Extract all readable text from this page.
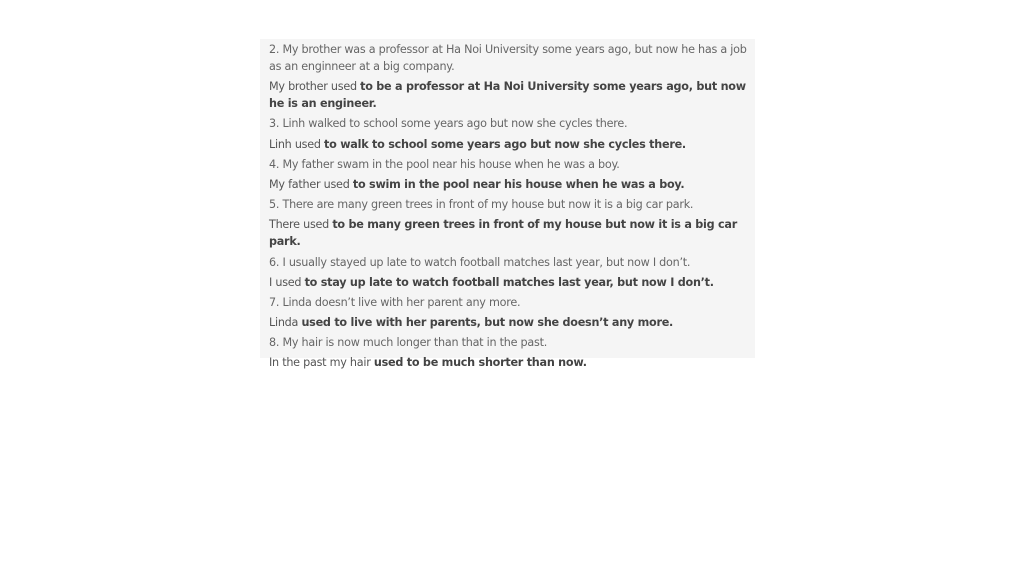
2. My brother was a professor at Ha Noi University some years ago, but now he has a job as an enginneer at a big company.
My brother used to be a professor at Ha Noi University some years ago, but now he is an engineer.
3. Linh walked to school some years ago but now she cycles there.
Linh used to walk to school some years ago but now she cycles there.
4. My father swam in the pool near his house when he was a boy.
My father used to swim in the pool near his house when he was a boy.
5. There are many green trees in front of my house but now it is a big car park.
There used to be many green trees in front of my house but now it is a big car park.
6. I usually stayed up late to watch football matches last year, but now I don’t.
I used to stay up late to watch football matches last year, but now I don’t.
7. Linda doesn’t live with her parent any more.
Linda used to live with her parents, but now she doesn’t any more.
8. My hair is now much longer than that in the past.
In the past my hair used to be much shorter than now.
